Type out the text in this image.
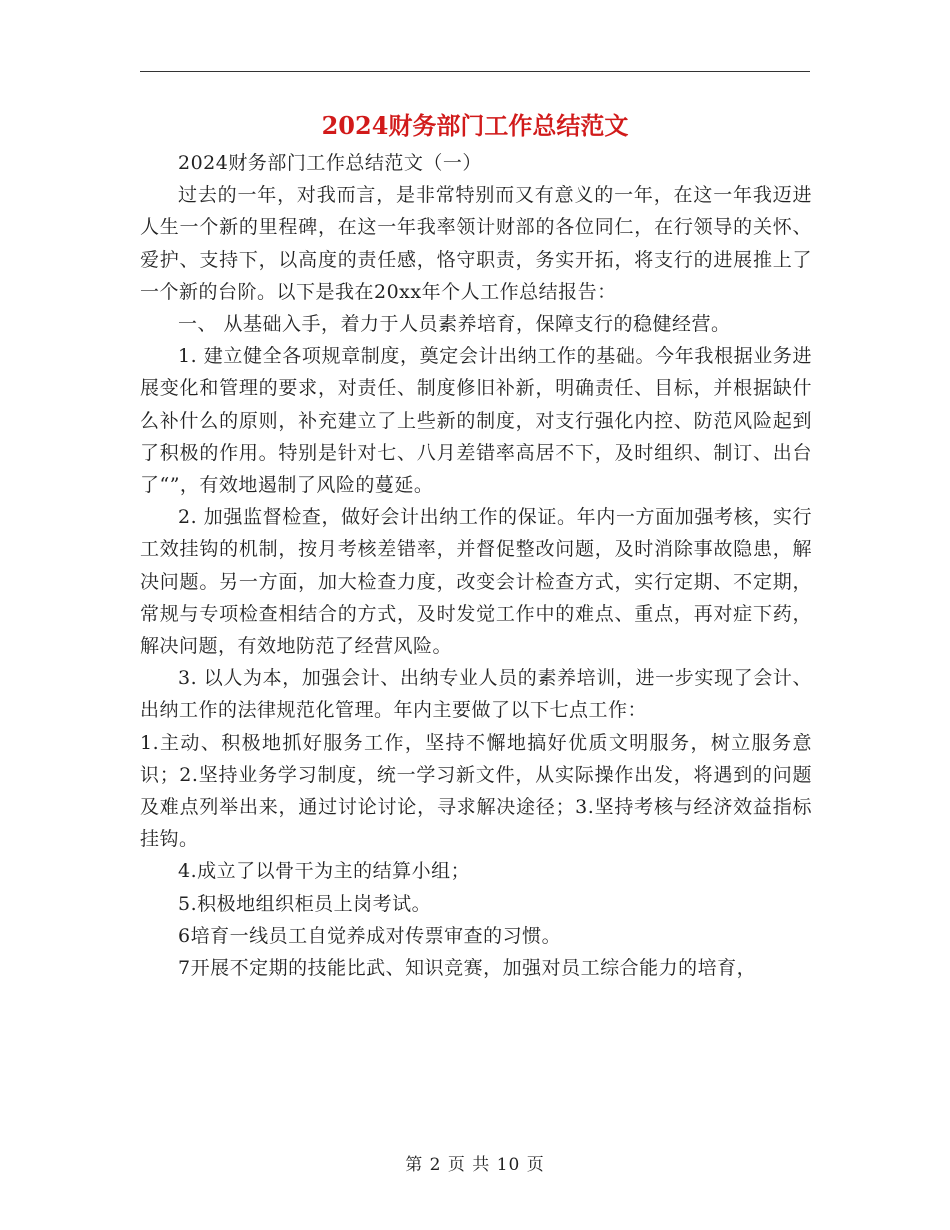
2024财务部门工作总结范文

2024财务部门工作总结范文（一）

过去的一年，对我而言，是非常特别而又有意义的一年，在这一年我迈进人生一个新的里程碑，在这一年我率领计财部的各位同仁，在行领导的关怀、爱护、支持下，以高度的责任感，恪守职责，务实开拓，将支行的进展推上了一个新的台阶。以下是我在20xx年个人工作总结报告：

一、 从基础入手，着力于人员素养培育，保障支行的稳健经营。

1. 建立健全各项规章制度，奠定会计出纳工作的基础。今年我根据业务进展变化和管理的要求，对责任、制度修旧补新，明确责任、目标，并根据缺什么补什么的原则，补充建立了上些新的制度，对支行强化内控、防范风险起到了积极的作用。特别是针对七、八月差错率高居不下，及时组织、制订、出台了“”，有效地遏制了风险的蔓延。

2. 加强监督检查，做好会计出纳工作的保证。年内一方面加强考核，实行工效挂钩的机制，按月考核差错率，并督促整改问题，及时消除事故隐患，解决问题。另一方面，加大检查力度，改变会计检查方式，实行定期、不定期，常规与专项检查相结合的方式，及时发觉工作中的难点、重点，再对症下药，解决问题，有效地防范了经营风险。

3. 以人为本，加强会计、出纳专业人员的素养培训，进一步实现了会计、出纳工作的法律规范化管理。年内主要做了以下七点工作：

1.主动、积极地抓好服务工作，坚持不懈地搞好优质文明服务，树立服务意识；2.坚持业务学习制度，统一学习新文件，从实际操作出发，将遇到的问题及难点列举出来，通过讨论讨论，寻求解决途径；3.坚持考核与经济效益指标挂钩。

4.成立了以骨干为主的结算小组；

5.积极地组织柜员上岗考试。

6培育一线员工自觉养成对传票审查的习惯。

7开展不定期的技能比武、知识竞赛，加强对员工综合能力的培育，

第 2 页 共 10 页
